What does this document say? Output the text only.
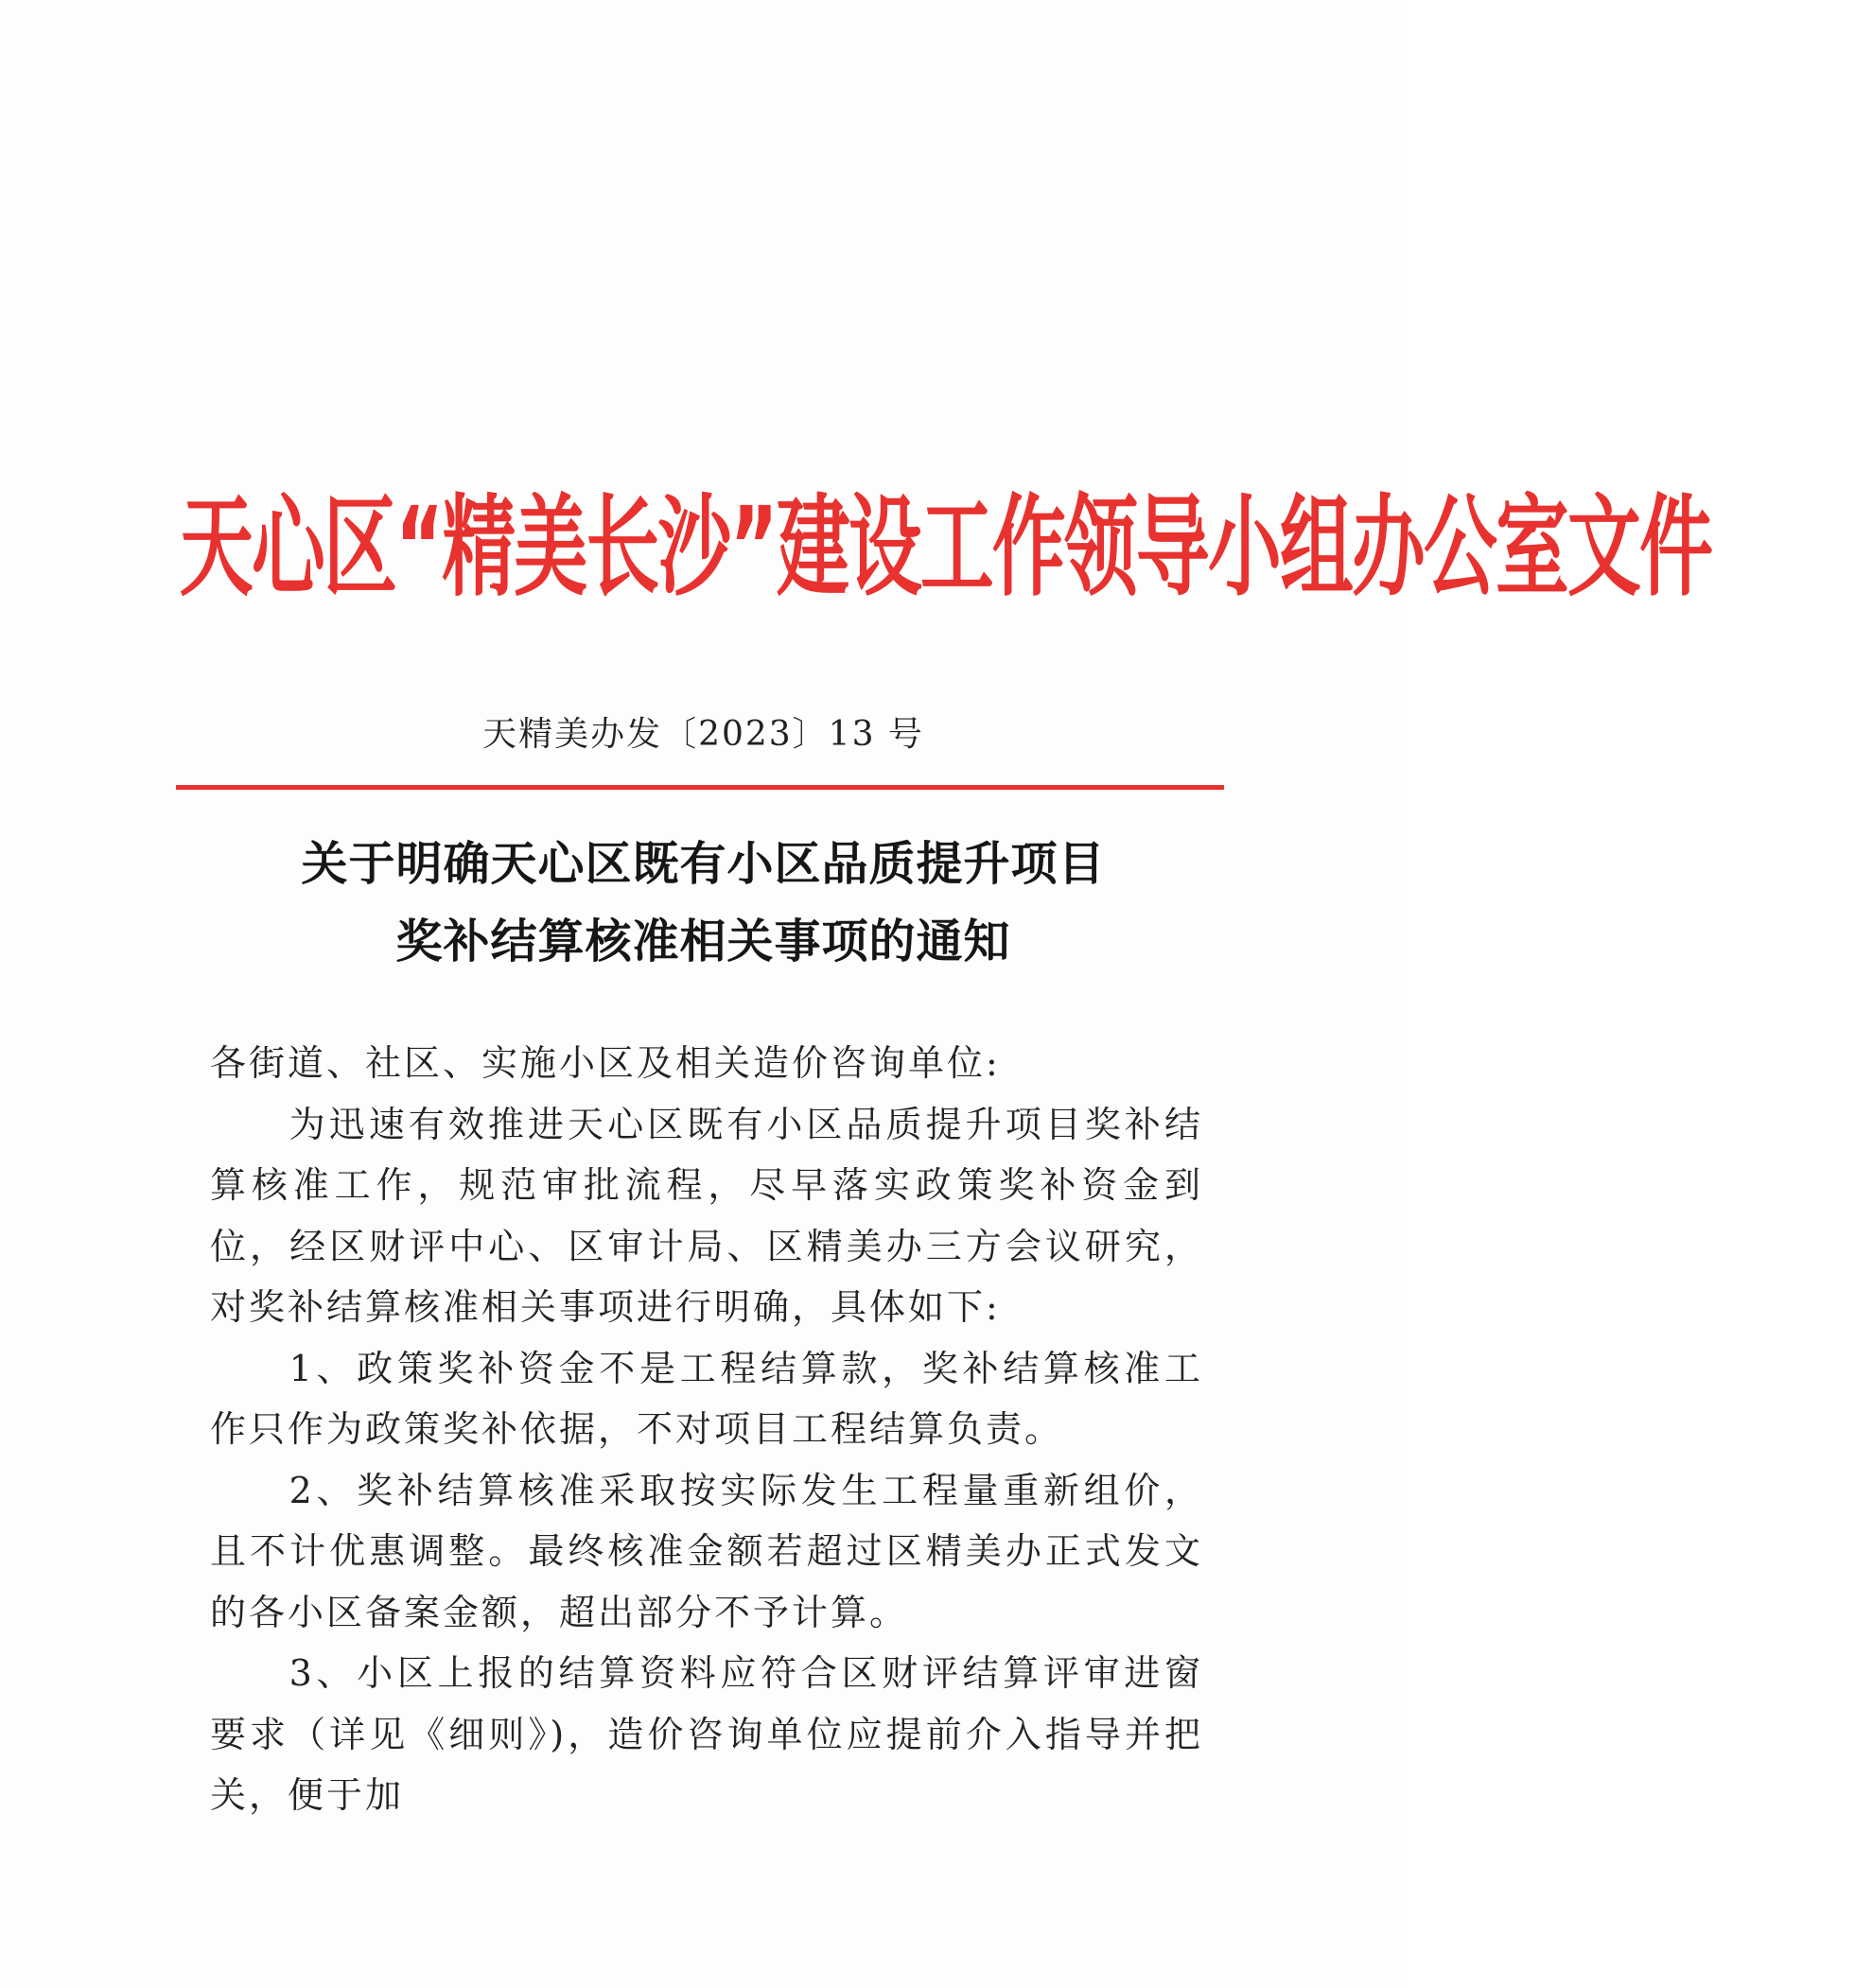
天心区“精美长沙”建设工作领导小组办公室文件
天精美办发〔2023〕13 号
关于明确天心区既有小区品质提升项目
奖补结算核准相关事项的通知

各街道、社区、实施小区及相关造价咨询单位:

为迅速有效推进天心区既有小区品质提升项目奖补结算核准工作，规范审批流程，尽早落实政策奖补资金到位，经区财评中心、区审计局、区精美办三方会议研究，对奖补结算核准相关事项进行明确，具体如下:

1、政策奖补资金不是工程结算款，奖补结算核准工作只作为政策奖补依据，不对项目工程结算负责。

2、奖补结算核准采取按实际发生工程量重新组价，且不计优惠调整。最终核准金额若超过区精美办正式发文的各小区备案金额，超出部分不予计算。

3、小区上报的结算资料应符合区财评结算评审进窗要求（详见《细则》)，造价咨询单位应提前介入指导并把关，便于加
